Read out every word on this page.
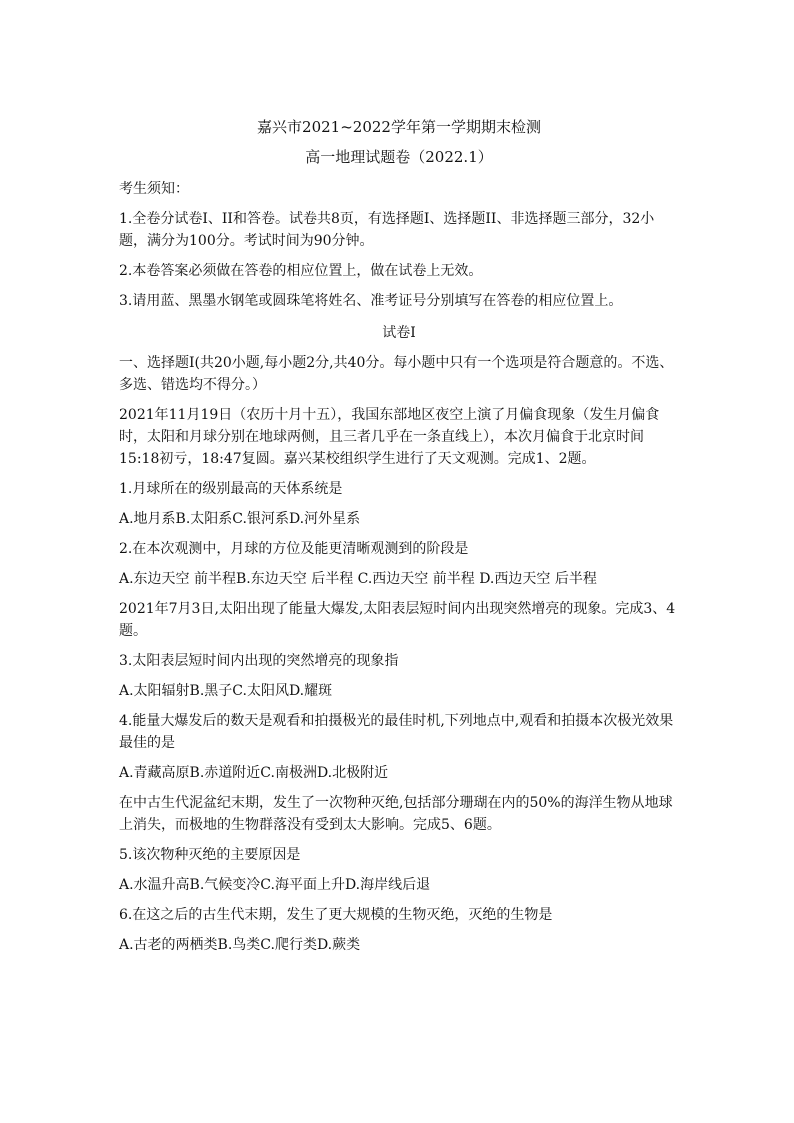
嘉兴市2021~2022学年第一学期期末检测
高一地理试题卷（2022.1）
考生须知：

1.全卷分试卷I、II和答卷。试卷共8页，有选择题I、选择题II、非选择题三部分，32小题，满分为100分。考试时间为90分钟。

2.本卷答案必须做在答卷的相应位置上，做在试卷上无效。

3.请用蓝、黑墨水钢笔或圆珠笔将姓名、准考证号分别填写在答卷的相应位置上。

试卷I

一、选择题I(共20小题,每小题2分,共40分。每小题中只有一个选项是符合题意的。不选、多选、错选均不得分。）

2021年11月19日（农历十月十五），我国东部地区夜空上演了月偏食现象（发生月偏食时，太阳和月球分别在地球两侧，且三者几乎在一条直线上），本次月偏食于北京时间15:18初亏，18:47复圆。嘉兴某校组织学生进行了天文观测。完成1、2题。

1.月球所在的级别最高的天体系统是

A.地月系B.太阳系C.银河系D.河外星系

2.在本次观测中，月球的方位及能更清晰观测到的阶段是

A.东边天空 前半程B.东边天空 后半程 C.西边天空 前半程 D.西边天空 后半程

2021年7月3日,太阳出现了能量大爆发,太阳表层短时间内出现突然增亮的现象。完成3、4题。

3.太阳表层短时间内出现的突然增亮的现象指

A.太阳辐射B.黑子C.太阳风D.耀斑

4.能量大爆发后的数天是观看和拍摄极光的最佳时机,下列地点中,观看和拍摄本次极光效果最佳的是

A.青藏高原B.赤道附近C.南极洲D.北极附近

在中古生代泥盆纪末期，发生了一次物种灭绝,包括部分珊瑚在内的50%的海洋生物从地球上消失，而极地的生物群落没有受到太大影响。完成5、6题。

5.该次物种灭绝的主要原因是

A.水温升高B.气候变冷C.海平面上升D.海岸线后退

6.在这之后的古生代末期，发生了更大规模的生物灭绝，灭绝的生物是

A.古老的两栖类B.鸟类C.爬行类D.蕨类
